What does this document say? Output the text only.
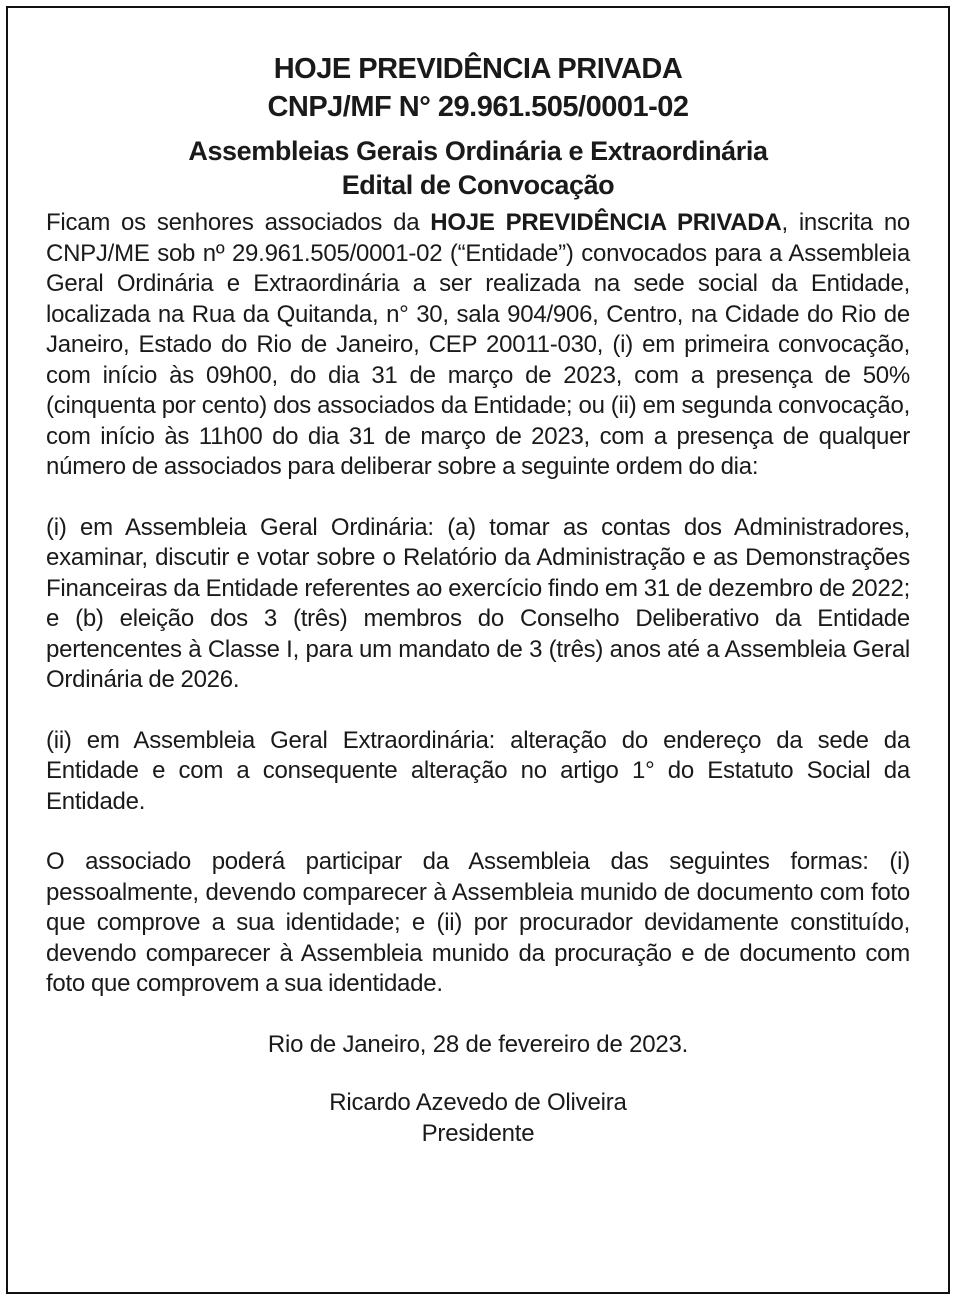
HOJE PREVIDÊNCIA PRIVADA

CNPJ/MF N° 29.961.505/0001-02

Assembleias Gerais Ordinária e Extraordinária

Edital de Convocação

Ficam os senhores associados da HOJE PREVIDÊNCIA PRIVADA, inscrita no CNPJ/ME sob nº 29.961.505/0001-02 (“Entidade”) convocados para a Assembleia Geral Ordinária e Extraordinária a ser realizada na sede social da Entidade, localizada na Rua da Quitanda, n° 30, sala 904/906, Centro, na Cidade do Rio de Janeiro, Estado do Rio de Janeiro, CEP 20011-030, (i) em primeira convocação, com início às 09h00, do dia 31 de março de 2023, com a presença de 50% (cinquenta por cento) dos associados da Entidade; ou (ii) em segunda convocação, com início às 11h00 do dia 31 de março de 2023, com a presença de qualquer número de associados para deliberar sobre a seguinte ordem do dia:

(i) em Assembleia Geral Ordinária: (a) tomar as contas dos Administradores, examinar, discutir e votar sobre o Relatório da Administração e as Demonstrações Financeiras da Entidade referentes ao exercício findo em 31 de dezembro de 2022; e (b) eleição dos 3 (três) membros do Conselho Deliberativo da Entidade pertencentes à Classe I, para um mandato de 3 (três) anos até a Assembleia Geral Ordinária de 2026.

(ii) em Assembleia Geral Extraordinária: alteração do endereço da sede da Entidade e com a consequente alteração no artigo 1° do Estatuto Social da Entidade.

O associado poderá participar da Assembleia das seguintes formas: (i) pessoalmente, devendo comparecer à Assembleia munido de documento com foto que comprove a sua identidade; e (ii) por procurador devidamente constituído, devendo comparecer à Assembleia munido da procuração e de documento com foto que comprovem a sua identidade.

Rio de Janeiro, 28 de fevereiro de 2023.

Ricardo Azevedo de Oliveira

Presidente
